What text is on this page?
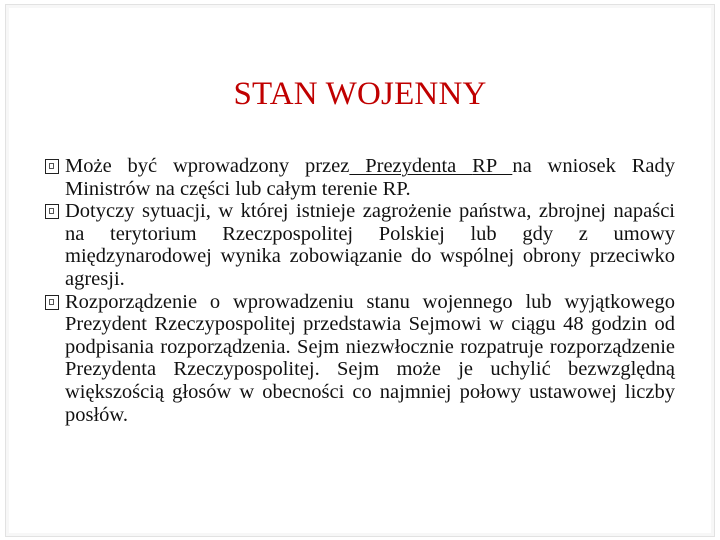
STAN WOJENNY
Może być wprowadzony przez Prezydenta RP na wniosek Rady Ministrów na części lub całym terenie RP.
Dotyczy sytuacji, w której istnieje zagrożenie państwa, zbrojnej napaści na terytorium Rzeczpospolitej Polskiej lub gdy z umowy międzynarodowej wynika zobowiązanie do wspólnej obrony przeciwko agresji.
Rozporządzenie o wprowadzeniu stanu wojennego lub wyjątkowego Prezydent Rzeczypospolitej przedstawia Sejmowi w ciągu 48 godzin od podpisania rozporządzenia. Sejm niezwłocznie rozpatruje rozporządzenie Prezydenta Rzeczypospolitej. Sejm może je uchylić bezwzględną większością głosów w obecności co najmniej połowy ustawowej liczby posłów.
